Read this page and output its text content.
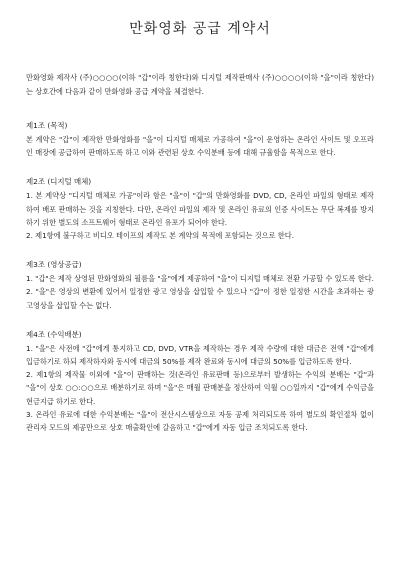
만화영화 공급 계약서

만화영화 제작사 (주)○○○○(이하 "갑"이라 칭한다)와 디지털 제작판매사 (주)○○○○(이하 "을"이라 칭한다)는 상호간에 다음과 같이 만화영화 공급 계약을 체결한다.

제1조 (목적)

본 계약은 "갑"이 제작한 만화영화를 "을"이 디지털 매체로 가공하여 "을"이 운영하는 온라인 사이트 및 오프라인 매장에 공급하여 판매하도록 하고 이와 관련된 상호 수익분배 등에 대해 규율함을 목적으로 한다.

제2조 (디지털 매체)

1. 본 계약상 "디지털 매체로 가공"이라 함은 "을"이 "갑"의 만화영화를 DVD, CD, 온라인 파일의 형태로 제작하여 배포 판매하는 것을 지칭한다. 다만, 온라인 파일의 제작 및 온라인 유료의 인증 사이트는 무단 복제를 방지하기 위한 별도의 소프트웨어 형태로 온라인 유포가 되어야 한다.

2. 제1항에 불구하고 비디오 테이프의 제작도 본 계약의 목적에 포함되는 것으로 한다.

제3조 (영상공급)

1. "갑"은 제작 상영된 만화영화의 필름을 "을"에게 제공하여 "을"이 디지털 매체로 전환 가공할 수 있도록 한다.

2. "을"은 영상의 변환에 있어서 일정한 광고 영상을 삽입할 수 있으나 "갑"이 정한 일정한 시간을 초과하는 광고영상을 삽입할 수는 없다.

제4조 (수익배분)

1. "을"은 사전에 "갑"에게 통지하고 CD, DVD, VTR을 제작하는 경우 제작 수량에 대한 대금은 전액 "갑"에게 입금하기로 하되 제작하자와 동시에 대금의 50%를 제작 완료와 동시에 대금의 50%를 입금하도록 한다.

2. 제1항의 제작물 이외에 "을"이 판매하는 것(온라인 유료판매 등)으로부터 발생하는 수익의 분배는 "갑"과 "을"이 상호 ○○:○○으로 배분하기로 하며 "을"은 매월 판매분을 정산하여 익월 ○○일까지 "갑"에게 수익금을 현금지급 하기로 한다.

3. 온라인 유료에 대한 수익분배는 "을"이 전산시스템상으로 자동 공제 처리되도록 하여 별도의 확인절차 없이 관리자 모드의 제공만으로 상호 매출확인에 갈음하고 "갑"에게 자동 입금 조치되도록 한다.
